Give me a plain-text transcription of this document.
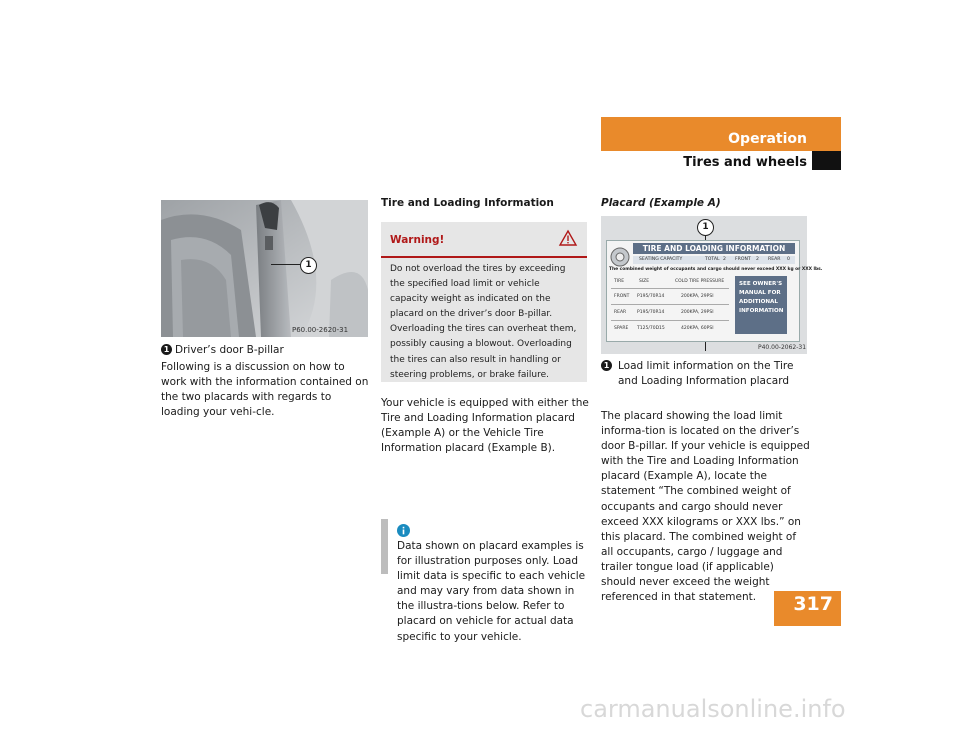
Operation
Tires and wheels
1
P60.00-2620-31
1 Driver’s door B-pillar
Following is a discussion on how to work with the information contained on the two placards with regards to loading your vehi-cle.
Tire and Loading Information
Warning!
Do not overload the tires by exceeding the specified load limit or vehicle capacity weight as indicated on the placard on the driver’s door B-pillar. Overloading the tires can overheat them, possibly causing a blowout. Overloading the tires can also result in handling or steering problems, or brake failure.
Your vehicle is equipped with either the Tire and Loading Information placard (Example A) or the Vehicle Tire Information placard (Example B).
Data shown on placard examples is for illustration purposes only. Load limit data is specific to each vehicle and may vary from data shown in the illustra-tions below. Refer to placard on vehicle for actual data specific to your vehicle.
Placard (Example A)
1
TIRE AND LOADING INFORMATION
SEATING CAPACITY	TOTAL 2 FRONT 2 REAR 0
The combined weight of occupants and cargo should never exceed XXX kg or XXX lbs.
TIRE	SIZE	COLD TIRE PRESSURE
FRONT P195/70R14	200KPA, 29PSI
REAR P195/70R14	200KPA, 29PSI
SPARE T125/70D15	420KPA, 60PSI
SEE OWNER'S
MANUAL FOR
ADDITIONAL
INFORMATION
P40.00-2062-31
1	Load limit information on the Tire and Loading Information placard
The placard showing the load limit informa-tion is located on the driver’s door B-pillar. If your vehicle is equipped with the Tire and Loading Information placard (Example A), locate the statement “The combined weight of occupants and cargo should never exceed XXX kilograms or XXX lbs.” on this placard. The combined weight of all occupants, cargo / luggage and trailer tongue load (if applicable) should never exceed the weight referenced in that statement.	317
carmanualsonline.info
